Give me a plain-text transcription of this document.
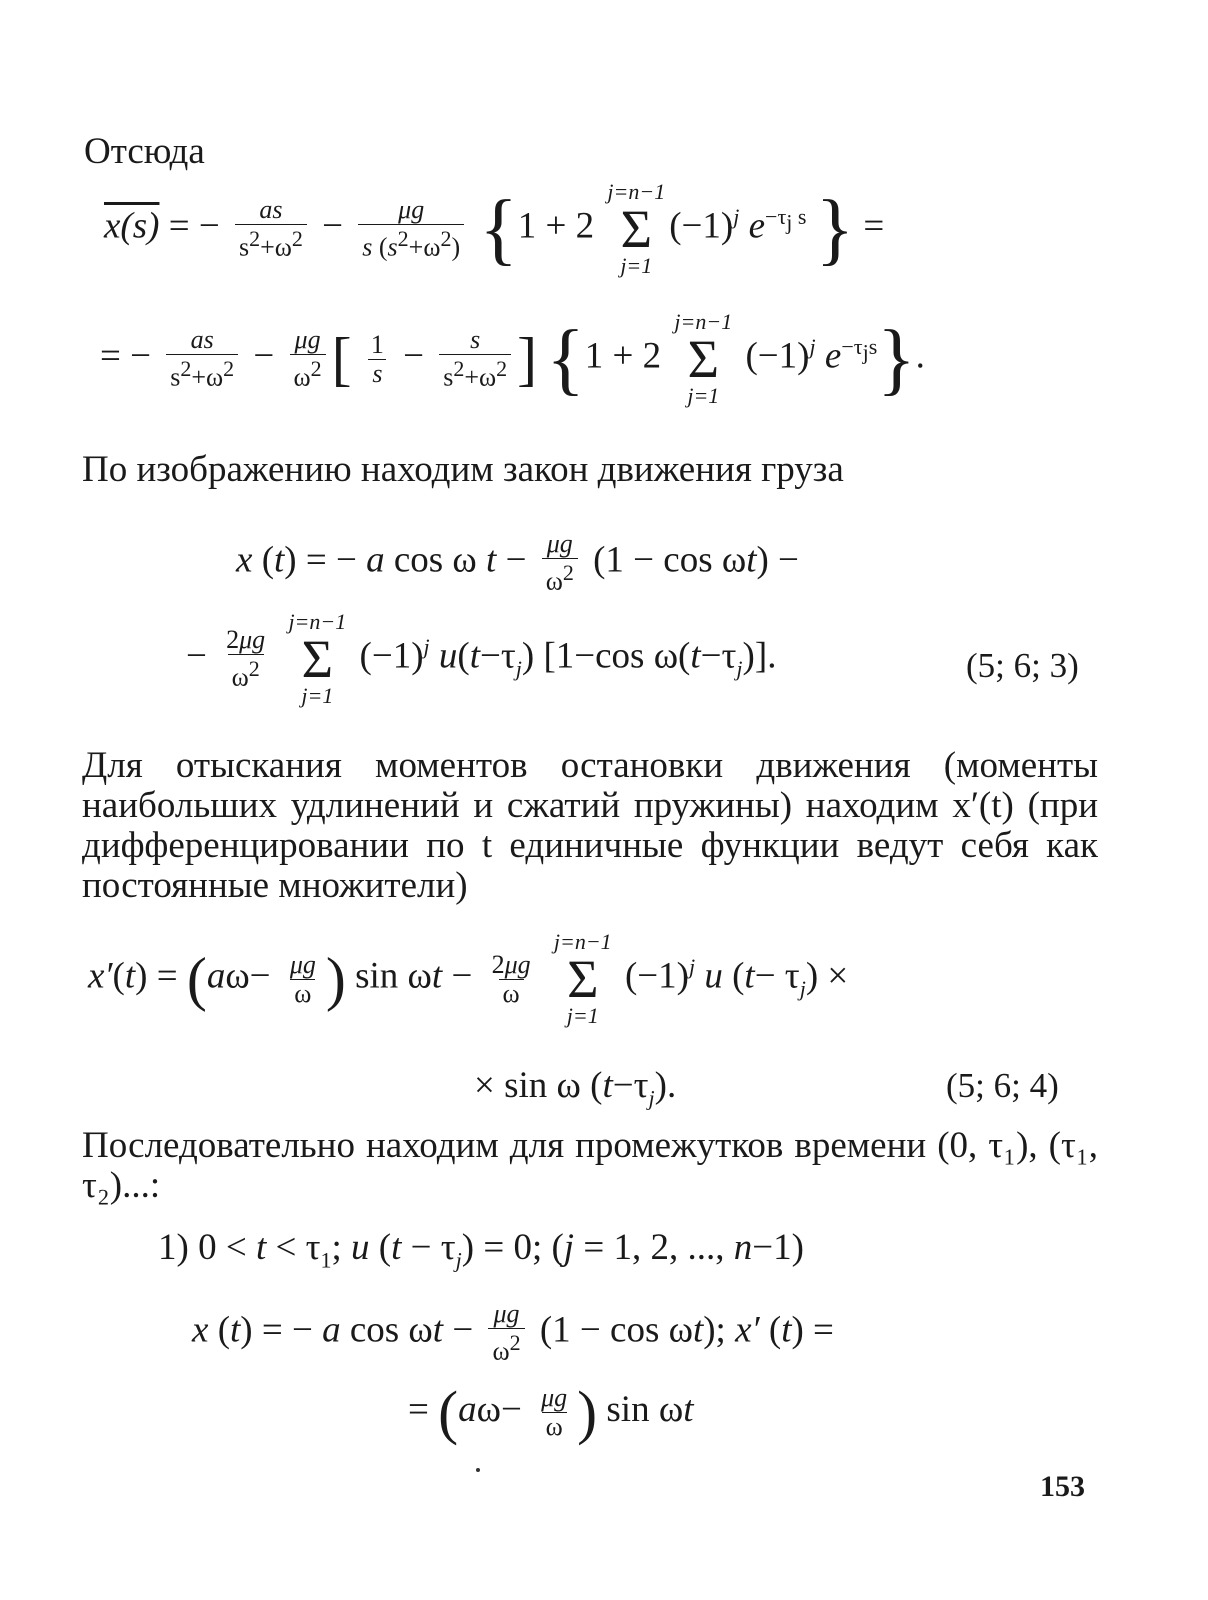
Отсюда
x(s) = − $\frac{as}{s^2+\omega^2} - \frac{\mu g}{s (s^2+\omega^2)} \{1 + 2$
j=n−1
Σ
j=1
$(-1)^j$ $e^{-\tau_j s}$ } =
= − $\frac{as}{s^2+\omega^2} - \frac{\mu g}{\omega^2}$ [ $\frac{1}{s} - \frac{s}{s^2+\omega^2}$ ] {1 + 2
j=n−1
Σ
j=1
$(-1)^j$ $e^{-\tau_js}$}.
По изображению находим закон движения груза
x (t) = − a cos ω $t - \frac{\mu g}{\omega^2} (1 - \cos \omega t)$ −
− $\frac{2\mu g}{\omega^2}$

j=n−1
Σ
j=1
$(-1)^j$ $u(t-\tau_j)$ [1−cos $\omega(t-\tau_j)$].	(5; 6; 3)
Для отыскания моментов остановки движения (моменты наибольших удлинений и сжатий пружины) находим x′(t) (при дифференцировании по t единичные функции ведут себя как постоянные множители)
$x'(t) = (a\omega- \frac{\mu g}{\omega}$ ) $\sin \omega t - \frac{2\mu g}{\omega}$

j=n−1
Σ
j=1
$(-1)^j$ u $(t- \tau_j)$ ×
× sin ω $(t-\tau_j)$.	(5; 6; 4)
Последовательно находим для промежутков времени (0, τ₁), (τ₁, τ₂)...:
1) $0 < t < \tau_1$; u $(t - \tau_j) = 0$; (j = 1, 2, ..., n−1)
x (t) = − a $\cos \omega t - \frac{\mu g}{\omega^2} (1 - \cos \omega t)$; x′ (t) =
= ($a\omega- \frac{\mu g}{\omega}$ ) sin ωt
153
